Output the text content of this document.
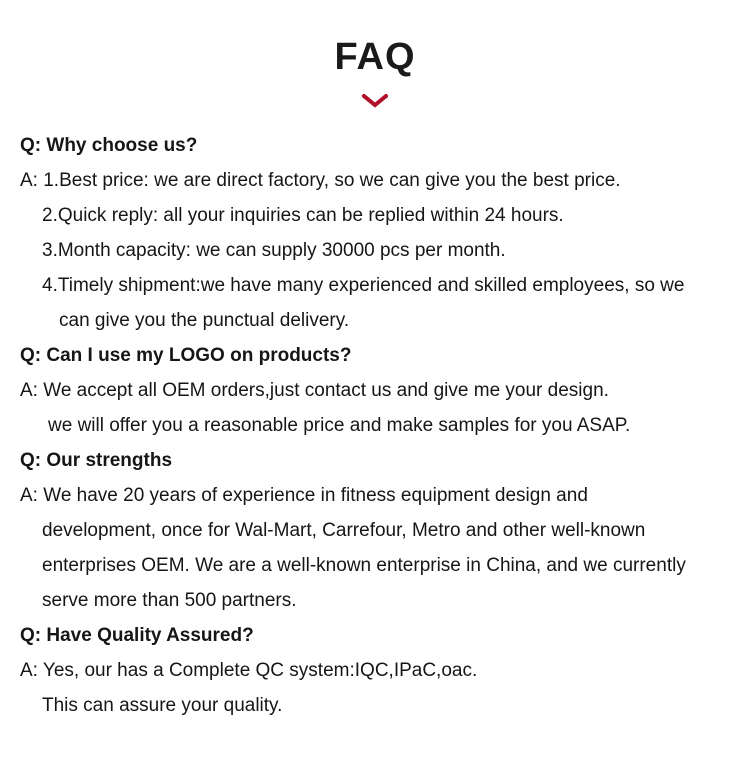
FAQ
Q: Why choose us?
A: 1.Best price: we are direct factory, so we can give you the best price.
2.Quick reply: all your inquiries can be replied within 24 hours.
3.Month capacity: we can supply 30000 pcs per month.
4.Timely shipment:we have many experienced and skilled employees, so we
can give you the punctual delivery.
Q: Can I use my LOGO on products?
A: We accept all OEM orders,just contact us and give me your design.
we will offer you a reasonable price and make samples for you ASAP.
Q: Our strengths
A: We have 20 years of experience in fitness equipment design and
development, once for Wal-Mart, Carrefour, Metro and other well-known
enterprises OEM. We are a well-known enterprise in China, and we currently
serve more than 500 partners.
Q: Have Quality Assured?
A: Yes, our has a Complete QC system:IQC,IPaC,oac.
This can assure your quality.
